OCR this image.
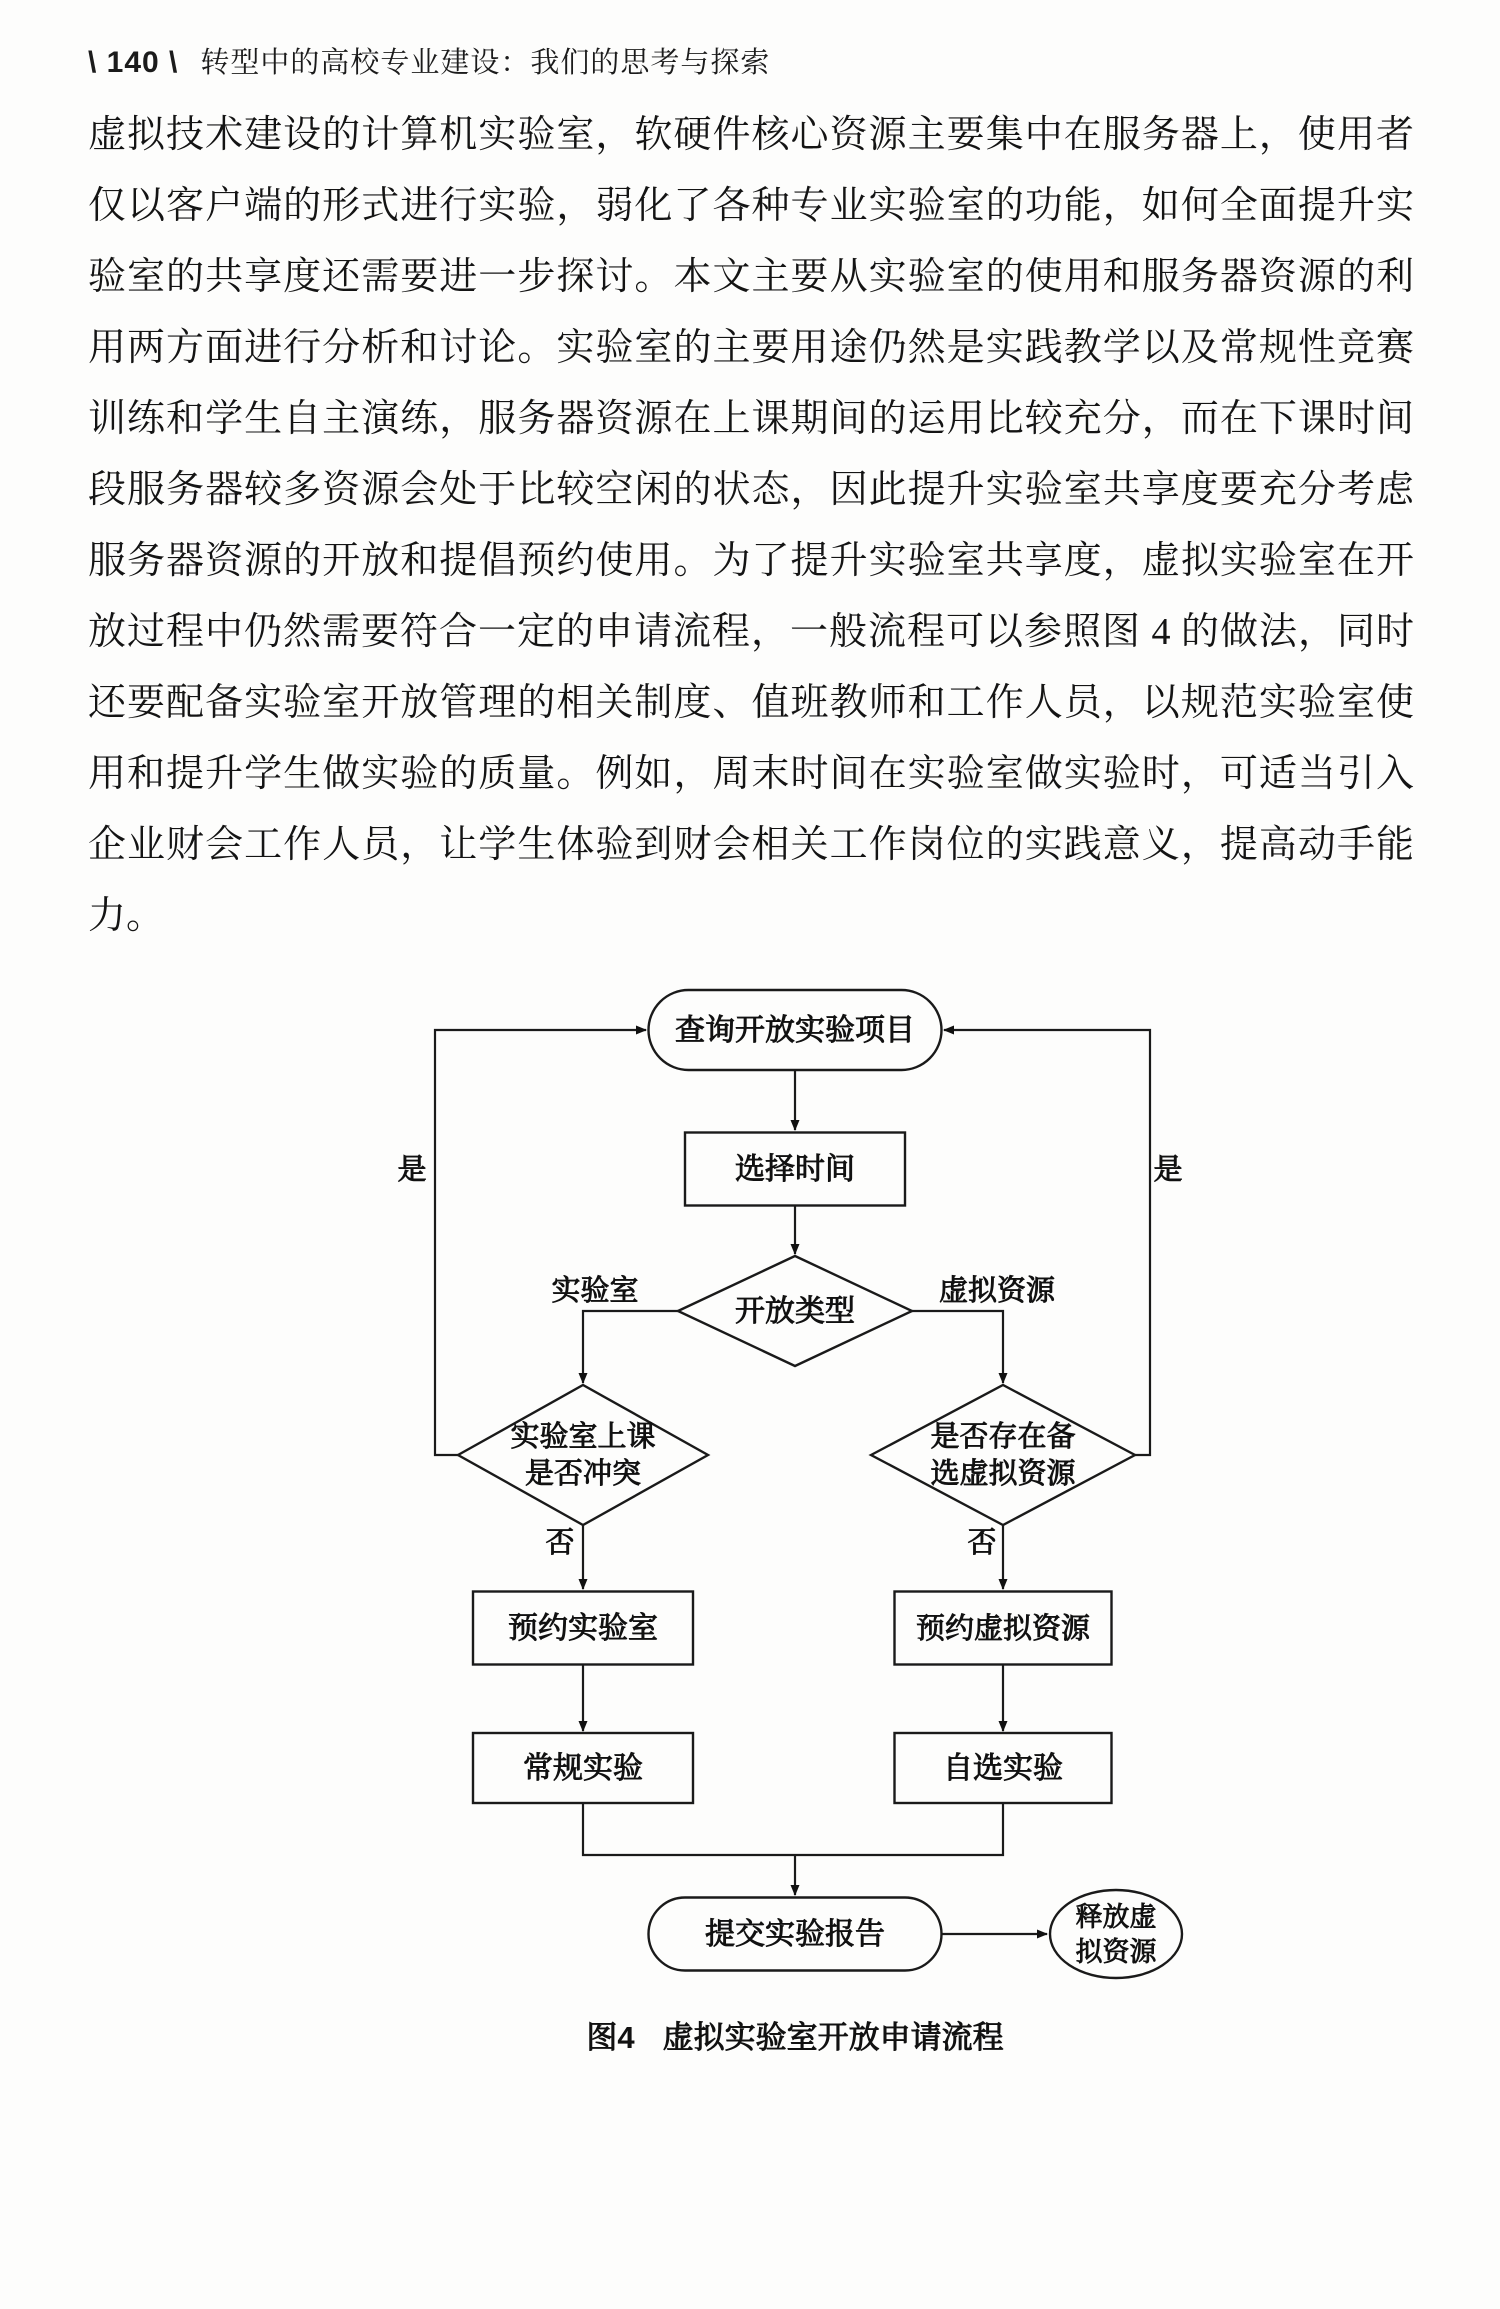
\ 140 \ 转型中的高校专业建设：我们的思考与探索
虚拟技术建设的计算机实验室，软硬件核心资源主要集中在服务器上，使用者仅以客户端的形式进行实验，弱化了各种专业实验室的功能，如何全面提升实验室的共享度还需要进一步探讨。本文主要从实验室的使用和服务器资源的利用两方面进行分析和讨论。实验室的主要用途仍然是实践教学以及常规性竞赛训练和学生自主演练，服务器资源在上课期间的运用比较充分，而在下课时间段服务器较多资源会处于比较空闲的状态，因此提升实验室共享度要充分考虑服务器资源的开放和提倡预约使用。为了提升实验室共享度，虚拟实验室在开放过程中仍然需要符合一定的申请流程，一般流程可以参照图 4 的做法，同时还要配备实验室开放管理的相关制度、值班教师和工作人员，以规范实验室使用和提升学生做实验的质量。例如，周末时间在实验室做实验时，可适当引入企业财会工作人员，让学生体验到财会相关工作岗位的实践意义，提高动手能力。
查询开放实验项目
选择时间
开放类型
实验室	虚拟资源
实验室上课
是否冲突
是否存在备
选虚拟资源
否	否
是	是
预约实验室	预约虚拟资源
常规实验	自选实验
提交实验报告
释放虚
拟资源
图4 虚拟实验室开放申请流程
